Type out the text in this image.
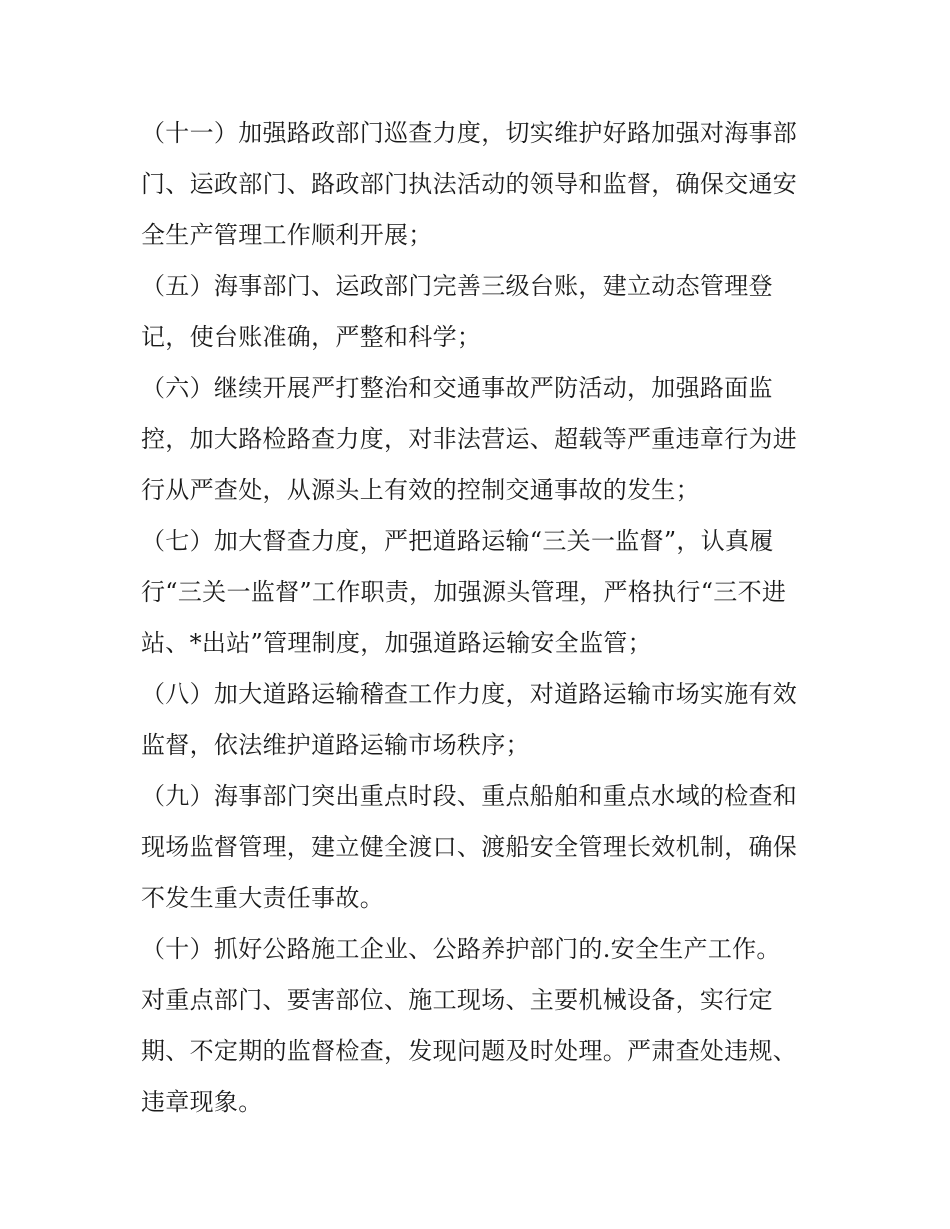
（十一）加强路政部门巡查力度，切实维护好路加强对海事部
门、运政部门、路政部门执法活动的领导和监督，确保交通安
全生产管理工作顺利开展；
（五）海事部门、运政部门完善三级台账，建立动态管理登
记，使台账准确，严整和科学；
（六）继续开展严打整治和交通事故严防活动，加强路面监
控，加大路检路查力度，对非法营运、超载等严重违章行为进
行从严查处，从源头上有效的控制交通事故的发生；
（七）加大督查力度，严把道路运输“三关一监督”，认真履
行“三关一监督”工作职责，加强源头管理，严格执行“三不进
站、*出站”管理制度，加强道路运输安全监管；
（八）加大道路运输稽查工作力度，对道路运输市场实施有效
监督，依法维护道路运输市场秩序；
（九）海事部门突出重点时段、重点船舶和重点水域的检查和
现场监督管理，建立健全渡口、渡船安全管理长效机制，确保
不发生重大责任事故。
（十）抓好公路施工企业、公路养护部门的.安全生产工作。
对重点部门、要害部位、施工现场、主要机械设备，实行定
期、不定期的监督检查，发现问题及时处理。严肃查处违规、
违章现象。
